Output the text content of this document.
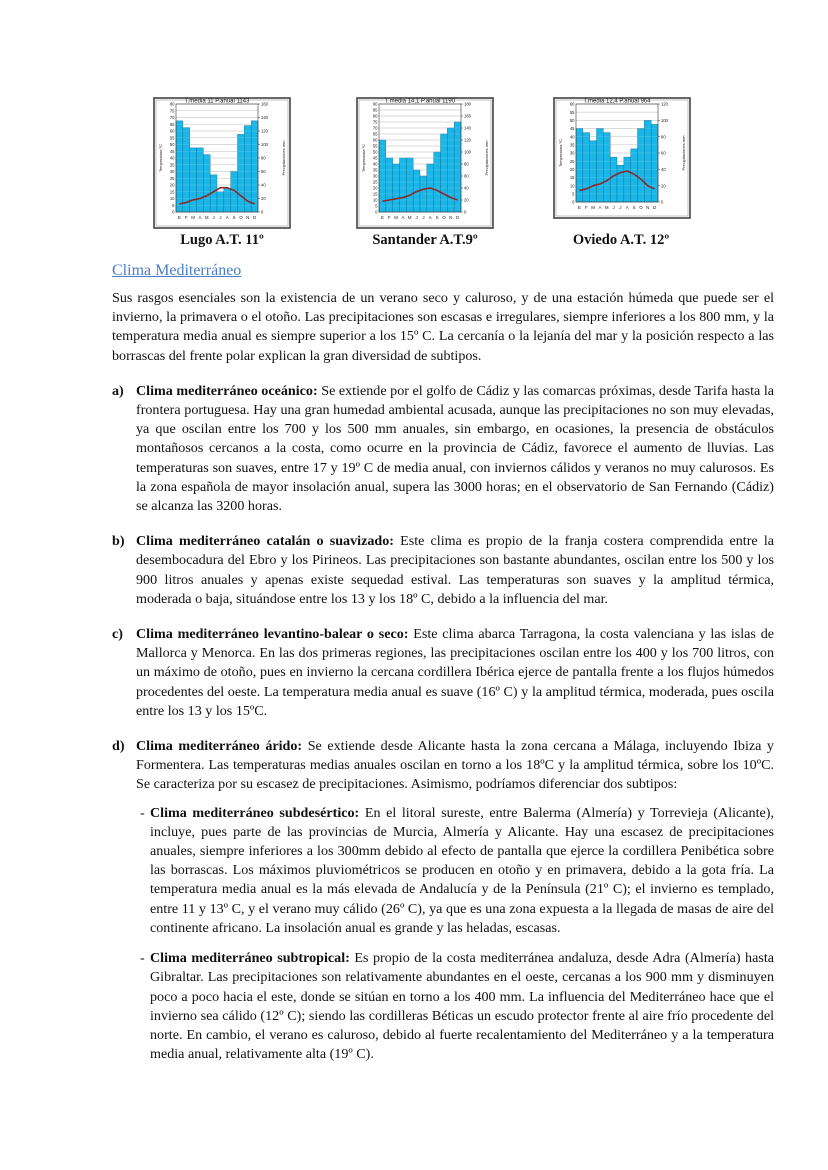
T.media 11 P.anual 1143
80
75
70
65
60
55
50
45
40
35
30
25
20
15
10
5
0
160
140
120
100
80
60
40
20
0
E F M A M J J A S O N D
Temperatura ºC	Precipitaciones mm
T.media 14,1 P.anual 1190
90
85
80
75
70
65
60
55
50
45
40
35
30
25
20
15
10
5
0
180
160
140
120
100
80
60
40
20
0
E F M A M J J A S O N D
Temperatura ºC	Precipitaciones mm
T.media 12,4 P.anual 964
60
55
50
45
40
35
30
25
20
15
10
5
0
120
100
80
60
40
20
0
E F M A M J J A S O N D
Temperatura ºC	Precipitaciones mm
Lugo A.T. 11º	Santander A.T.9º	Oviedo A.T. 12º
Clima Mediterráneo

Sus rasgos esenciales son la existencia de un verano seco y caluroso, y de una estación húmeda que puede ser el invierno, la primavera o el otoño. Las precipitaciones son escasas e irregulares, siempre inferiores a los 800 mm, y la temperatura media anual es siempre superior a los 15º C. La cercanía o la lejanía del mar y la posición respecto a las borrascas del frente polar explican la gran diversidad de subtipos.

a) Clima mediterráneo oceánico: Se extiende por el golfo de Cádiz y las comarcas próximas, desde Tarifa hasta la frontera portuguesa. Hay una gran humedad ambiental acusada, aunque las precipitaciones no son muy elevadas, ya que oscilan entre los 700 y los 500 mm anuales, sin embargo, en ocasiones, la presencia de obstáculos montañosos cercanos a la costa, como ocurre en la provincia de Cádiz, favorece el aumento de lluvias. Las temperaturas son suaves, entre 17 y 19º C de media anual, con inviernos cálidos y veranos no muy calurosos. Es la zona española de mayor insolación anual, supera las 3000 horas; en el observatorio de San Fernando (Cádiz) se alcanza las 3200 horas.

b) Clima mediterráneo catalán o suavizado: Este clima es propio de la franja costera comprendida entre la desembocadura del Ebro y los Pirineos. Las precipitaciones son bastante abundantes, oscilan entre los 500 y los 900 litros anuales y apenas existe sequedad estival. Las temperaturas son suaves y la amplitud térmica, moderada o baja, situándose entre los 13 y los 18º C, debido a la influencia del mar.

c) Clima mediterráneo levantino-balear o seco: Este clima abarca Tarragona, la costa valenciana y las islas de Mallorca y Menorca. En las dos primeras regiones, las precipitaciones oscilan entre los 400 y los 700 litros, con un máximo de otoño, pues en invierno la cercana cordillera Ibérica ejerce de pantalla frente a los flujos húmedos procedentes del oeste. La temperatura media anual es suave (16º C) y la amplitud térmica, moderada, pues oscila entre los 13 y los 15ºC.

d) Clima mediterráneo árido: Se extiende desde Alicante hasta la zona cercana a Málaga, incluyendo Ibiza y Formentera. Las temperaturas medias anuales oscilan en torno a los 18ºC y la amplitud térmica, sobre los 10ºC. Se caracteriza por su escasez de precipitaciones. Asimismo, podríamos diferenciar dos subtipos:

- Clima mediterráneo subdesértico: En el litoral sureste, entre Balerma (Almería) y Torrevieja (Alicante), incluye, pues parte de las provincias de Murcia, Almería y Alicante. Hay una escasez de precipitaciones anuales, siempre inferiores a los 300mm debido al efecto de pantalla que ejerce la cordillera Penibética sobre las borrascas. Los máximos pluviométricos se producen en otoño y en primavera, debido a la gota fría. La temperatura media anual es la más elevada de Andalucía y de la Península (21º C); el invierno es templado, entre 11 y 13º C, y el verano muy cálido (26º C), ya que es una zona expuesta a la llegada de masas de aire del continente africano. La insolación anual es grande y las heladas, escasas.

- Clima mediterráneo subtropical: Es propio de la costa mediterránea andaluza, desde Adra (Almería) hasta Gibraltar. Las precipitaciones son relativamente abundantes en el oeste, cercanas a los 900 mm y disminuyen poco a poco hacia el este, donde se sitúan en torno a los 400 mm. La influencia del Mediterráneo hace que el invierno sea cálido (12º C); siendo las cordilleras Béticas un escudo protector frente al aire frío procedente del norte. En cambio, el verano es caluroso, debido al fuerte recalentamiento del Mediterráneo y a la temperatura media anual, relativamente alta (19º C).
